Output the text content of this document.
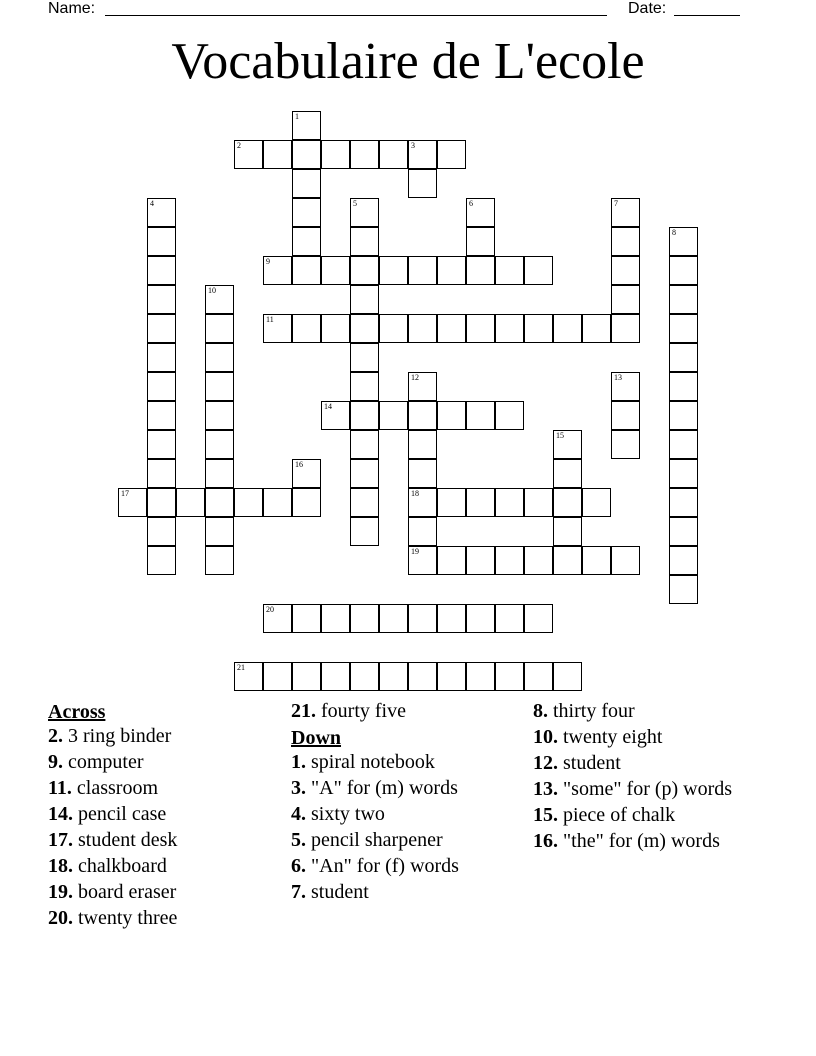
Name:	Date:
Vocabulaire de L'ecole
1
2	3
4	5	6	7
8
9
10
11
12
18
19
13
14
15
16
17
20
21
Across
2. 3 ring binder
9. computer
11. classroom
14. pencil case
17. student desk
18. chalkboard
19. board eraser
20. twenty three
21. fourty five
Down
1. spiral notebook
3. "A" for (m) words
4. sixty two
5. pencil sharpener
6. "An" for (f) words
7. student
8. thirty four
10. twenty eight
12. student
13. "some" for (p) words
15. piece of chalk
16. "the" for (m) words
